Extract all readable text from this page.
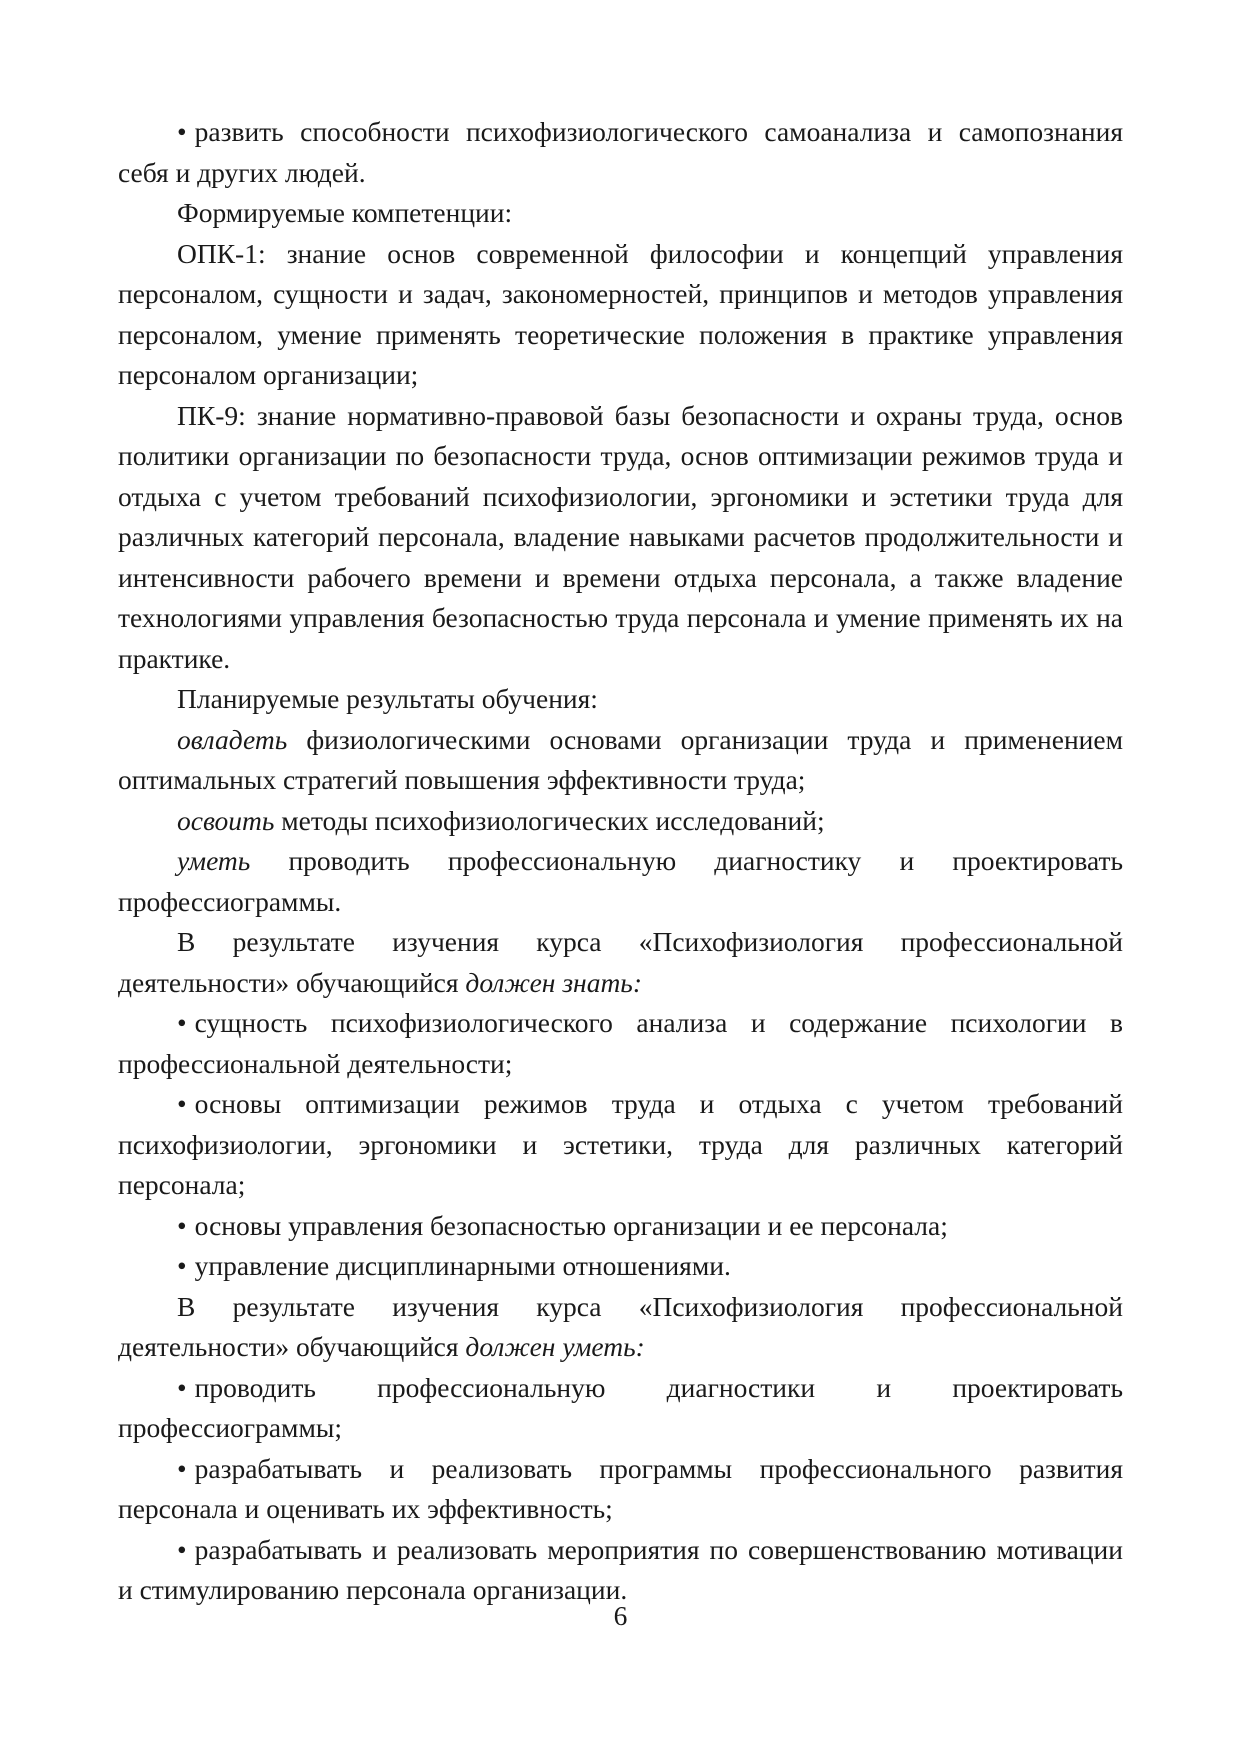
• развить способности психофизиологического самоанализа и самопознания себя и других людей.

Формируемые компетенции:

ОПК-1: знание основ современной философии и концепций управления персоналом, сущности и задач, закономерностей, принципов и методов управления персоналом, умение применять теоретические положения в практике управления персоналом организации;

ПК-9: знание нормативно-правовой базы безопасности и охраны труда, основ политики организации по безопасности труда, основ оптимизации режимов труда и отдыха с учетом требований психофизиологии, эргономики и эстетики труда для различных категорий персонала, владение навыками расчетов продолжительности и интенсивности рабочего времени и времени отдыха персонала, а также владение технологиями управления безопасностью труда персонала и умение применять их на практике.

Планируемые результаты обучения:

овладеть физиологическими основами организации труда и применением оптимальных стратегий повышения эффективности труда;

освоить методы психофизиологических исследований;

уметь проводить профессиональную диагностику и проектировать профессиограммы.

В результате изучения курса «Психофизиология профессиональной деятельности» обучающийся должен знать:

• сущность психофизиологического анализа и содержание психологии в профессиональной деятельности;

• основы оптимизации режимов труда и отдыха с учетом требований психофизиологии, эргономики и эстетики, труда для различных категорий персонала;

• основы управления безопасностью организации и ее персонала;

• управление дисциплинарными отношениями.

В результате изучения курса «Психофизиология профессиональной деятельности» обучающийся должен уметь:

• проводить профессиональную диагностики и проектировать профессиограммы;

• разрабатывать и реализовать программы профессионального развития персонала и оценивать их эффективность;

• разрабатывать и реализовать мероприятия по совершенствованию мотивации и стимулированию персонала организации.

6
